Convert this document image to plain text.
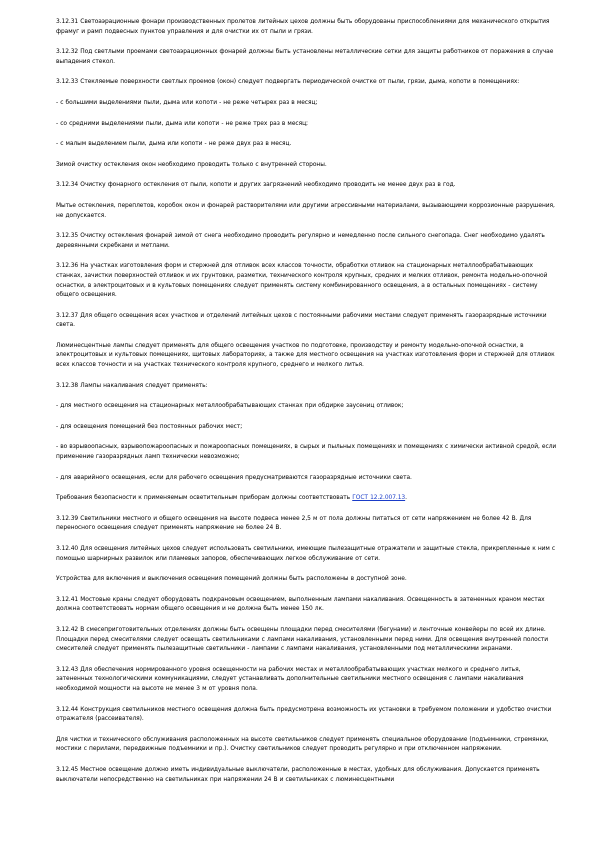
3.12.31 Светоаэрационные фонари производственных пролетов литейных цехов должны быть оборудованы приспособлениями для механического открытия фрамуг и рамп подвесных пунктов управления и для очистки их от пыли и грязи.

3.12.32 Под светлыми проемами светоаэрационных фонарей должны быть установлены металлические сетки для защиты работников от поражения в случае выпадения стекол.

3.12.33 Стекляемые поверхности светлых проемов (окон) следует подвергать периодической очистке от пыли, грязи, дыма, копоти в помещениях:

- с большими выделениями пыли, дыма или копоти - не реже четырех раз в месяц;

- со средними выделениями пыли, дыма или копоти - не реже трех раз в месяц;

- с малым выделением пыли, дыма или копоти - не реже двух раз в месяц.

Зимой очистку остекления окон необходимо проводить только с внутренней стороны.

3.12.34 Очистку фонарного остекления от пыли, копоти и других загрязнений необходимо проводить не менее двух раз в год.

Мытье остекления, переплетов, коробок окон и фонарей растворителями или другими агрессивными материалами, вызывающими коррозионные разрушения, не допускается.

3.12.35 Очистку остекления фонарей зимой от снега необходимо проводить регулярно и немедленно после сильного снегопада. Снег необходимо удалять деревянными скребками и метлами.

3.12.36 На участках изготовления форм и стержней для отливок всех классов точности, обработки отливок на стационарных металлообрабатывающих станках, зачистки поверхностей отливок и их грунтовки, разметки, технического контроля крупных, средних и мелких отливок, ремонта модельно-опочной оснастки, в электроцитовых и в культовых помещениях следует применять систему комбинированного освещения, а в остальных помещениях - систему общего освещения.

3.12.37 Для общего освещения всех участков и отделений литейных цехов с постоянными рабочими местами следует применять газоразрядные источники света.

Люминесцентные лампы следует применять для общего освещения участков по подготовке, производству и ремонту модельно-опочной оснастки, в электроцитовых и культовых помещениях, щитовых лабораториях, а также для местного освещения на участках изготовления форм и стержней для отливок всех классов точности и на участках технического контроля крупного, среднего и мелкого литья.

3.12.38 Лампы накаливания следует применять:

- для местного освещения на стационарных металлообрабатывающих станках при обдирке заусениц отливок;

- для освещения помещений без постоянных рабочих мест;

- во взрывоопасных, взрывопожароопасных и пожароопасных помещениях, в сырых и пыльных помещениях и помещениях с химически активной средой, если применение газоразрядных ламп технически невозможно;

- для аварийного освещения, если для рабочего освещения предусматриваются газоразрядные источники света.

Требования безопасности к применяемым осветительным приборам должны соответствовать ГОСТ 12.2.007.13.

3.12.39 Светильники местного и общего освещения на высоте подвеса менее 2,5 м от пола должны питаться от сети напряжением не более 42 В. Для переносного освещения следует применять напряжение не более 24 В.

3.12.40 Для освещения литейных цехов следует использовать светильники, имеющие пылезащитные отражатели и защитные стекла, прикрепленные к ним с помощью шарнирных развилок или пламевых запоров, обеспечивающих легкое обслуживание от сети.

Устройства для включения и выключения освещения помещений должны быть расположены в доступной зоне.

3.12.41 Мостовые краны следует оборудовать подкрановым освещением, выполненным лампами накаливания. Освещенность в затененных краном местах должна соответствовать нормам общего освещения и не должна быть менее 150 лк.

3.12.42 В смесеприготовительных отделениях должны быть освещены площадки перед смесителями (бегунами) и ленточные конвейеры по всей их длине. Площадки перед смесителями следует освещать светильниками с лампами накаливания, установленными перед ними. Для освещения внутренней полости смесителей следует применять пылезащитные светильники - лампами с лампами накаливания, установленными под металлическими экранами.

3.12.43 Для обеспечения нормированного уровня освещенности на рабочих местах и металлообрабатывающих участках мелкого и среднего литья, затененных технологическими коммуникациями, следует устанавливать дополнительные светильники местного освещения с лампами накаливания необходимой мощности на высоте не менее 3 м от уровня пола.

3.12.44 Конструкция светильников местного освещения должна быть предусмотрена возможность их установки в требуемом положении и удобство очистки отражателя (рассеивателя).

Для чистки и технического обслуживания расположенных на высоте светильников следует применять специальное оборудование (подъемники, стремянки, мостики с перилами, передвижные подъемники и пр.). Очистку светильников следует проводить регулярно и при отключенном напряжении.

3.12.45 Местное освещение должно иметь индивидуальные выключатели, расположенные в местах, удобных для обслуживания. Допускается применять выключатели непосредственно на светильниках при напряжении 24 В и светильниках с люминесцентными
